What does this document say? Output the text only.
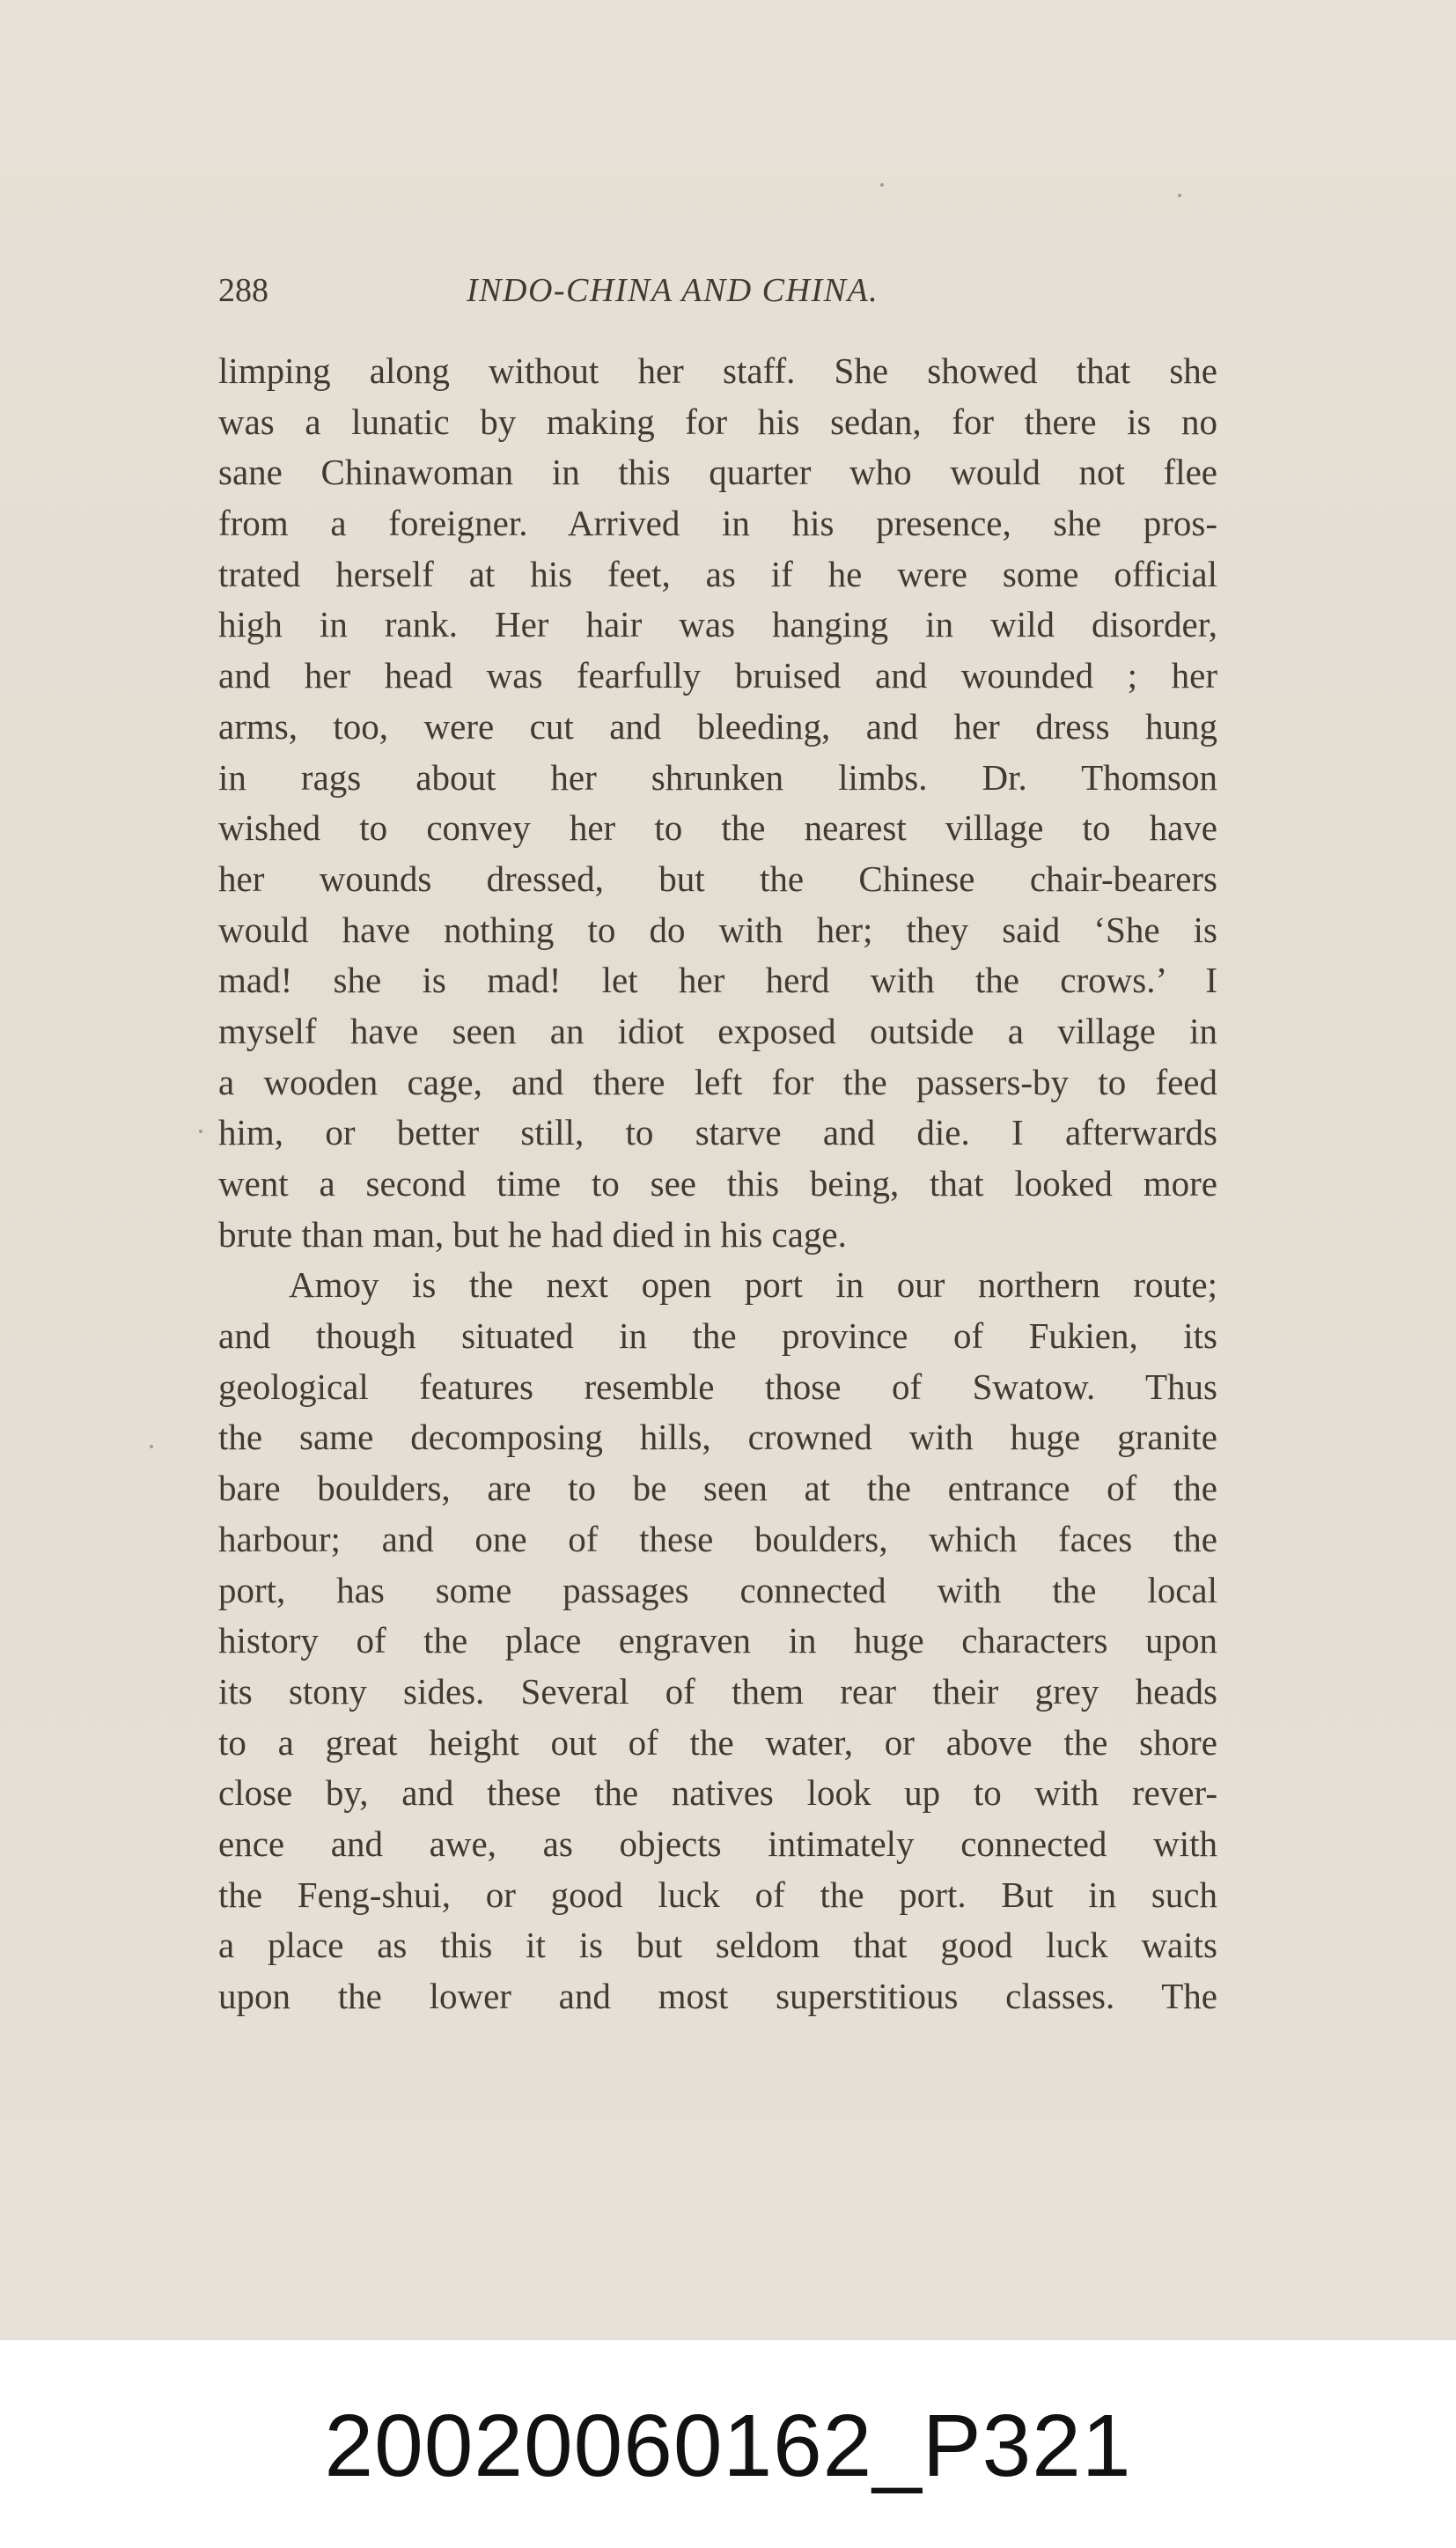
288	INDO-CHINA AND CHINA.
limping along without her staff. She showed that she
was a lunatic by making for his sedan, for there is no
sane Chinawoman in this quarter who would not flee
from a foreigner. Arrived in his presence, she pros-
trated herself at his feet, as if he were some official
high in rank. Her hair was hanging in wild disorder,
and her head was fearfully bruised and wounded ; her
arms, too, were cut and bleeding, and her dress hung
in rags about her shrunken limbs. Dr. Thomson
wished to convey her to the nearest village to have
her wounds dressed, but the Chinese chair-bearers
would have nothing to do with her; they said ‘She is
mad! she is mad! let her herd with the crows.’ I
myself have seen an idiot exposed outside a village in
a wooden cage, and there left for the passers-by to feed
him, or better still, to starve and die. I afterwards
went a second time to see this being, that looked more
brute than man, but he had died in his cage.
Amoy is the next open port in our northern route;
and though situated in the province of Fukien, its
geological features resemble those of Swatow. Thus
the same decomposing hills, crowned with huge granite
bare boulders, are to be seen at the entrance of the
harbour; and one of these boulders, which faces the
port, has some passages connected with the local
history of the place engraven in huge characters upon
its stony sides. Several of them rear their grey heads
to a great height out of the water, or above the shore
close by, and these the natives look up to with rever-
ence and awe, as objects intimately connected with
the Feng-shui, or good luck of the port. But in such
a place as this it is but seldom that good luck waits
upon the lower and most superstitious classes. The
20020060162_P321
